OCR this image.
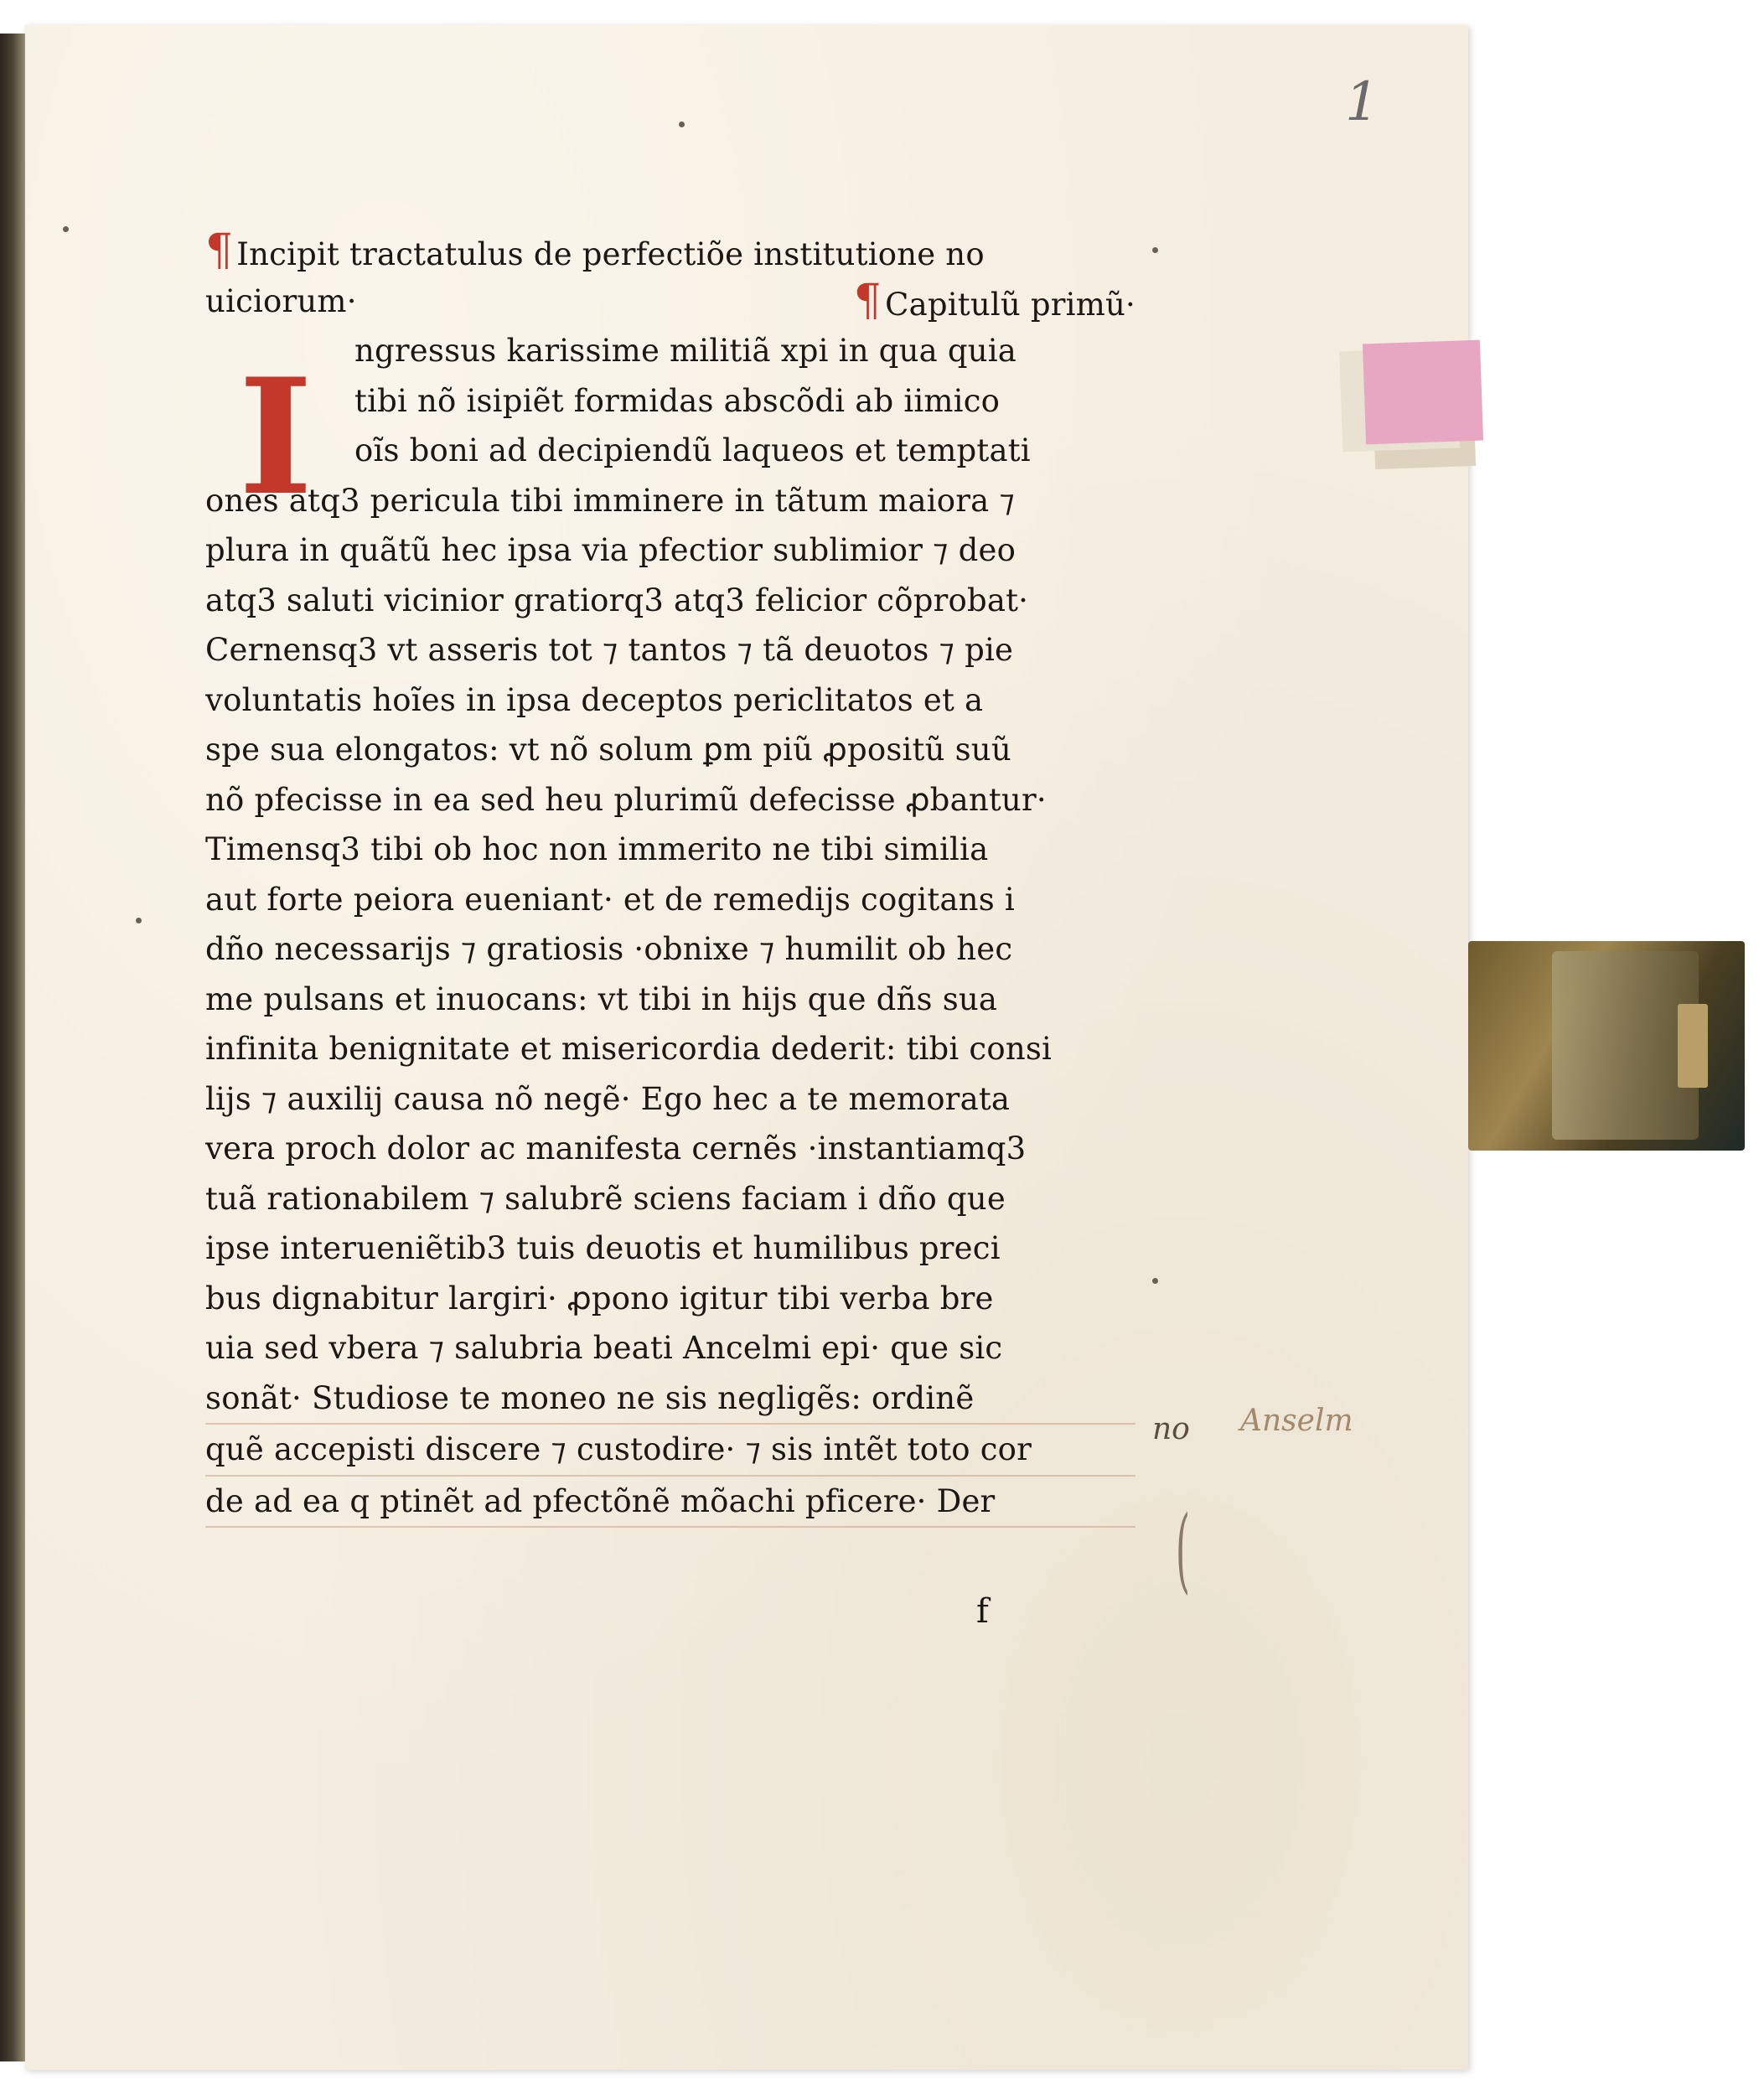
1
¶ Incipit tractatulus de perfectiõe institutione no
uiciorum·	¶ Capitulũ primũ·
I	ngressus karissime militiã xpi in qua quia
tibi nõ isipiẽt formidas abscõdi ab iimico
oĩs boni ad decipiendũ laqueos et temptati
ones atq3 pericula tibi imminere in tãtum maiora ⁊
plura in quãtũ hec ipsa via pfectior sublimior ⁊ deo
atq3 saluti vicinior gratiorq3 atq3 felicior cõprobat·
Cernensq3 vt asseris tot ⁊ tantos ⁊ tã deuotos ⁊ pie
voluntatis hoĩes in ipsa deceptos periclitatos et a
spe sua elongatos: vt nõ solum ꝑm piũ ꝓpositũ suũ
nõ pfecisse in ea sed heu plurimũ defecisse ꝓbantur·
Timensq3 tibi ob hoc non immerito ne tibi similia
aut forte peiora eueniant· et de remedijs cogitans i
dño necessarijs ⁊ gratiosis ·obnixe ⁊ humilit ob hec
me pulsans et inuocans: vt tibi in hijs que dñs sua
infinita benignitate et misericordia dederit: tibi consi
lijs ⁊ auxilij causa nõ negẽ· Ego hec a te memorata
vera proch dolor ac manifesta cernẽs ·instantiamq3
tuã rationabilem ⁊ salubrẽ sciens faciam i dño que
ipse interueniẽtib3 tuis deuotis et humilibus preci
bus dignabitur largiri· ꝓpono igitur tibi verba bre
uia sed vbera ⁊ salubria beati Ancelmi epi· que sic
sonãt· Studiose te moneo ne sis negligẽs: ordinẽ
quẽ accepisti discere ⁊ custodire· ⁊ sis intẽt toto cor
de ad ea q ptinẽt ad pfectõnẽ mõachi pficere· Der
f
no Anselm
(
